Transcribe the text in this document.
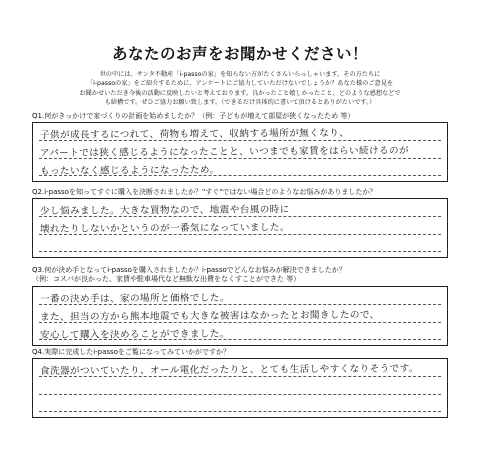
あなたのお声をお聞かせください！
世の中には、サンタ不動産「i-passoの家」を知らない方がたくさんいらっしゃいます。その方たちに
「i-passoの家」をご紹介するために、アンケートにご協力していただけないでしょうか？あなた様のご意見を
お聞かせいただき今後の活動に反映したいと考えております。良かったこと嬉しかったこと、どのような感想などで
も結構です。ぜひご協力お願い致します。（できるだけ具体的に書いて頂けるとありがたいです。）
Q1.何がきっかけで家づくりの計画を始めましたか？（例：子どもが増えて部屋が狭くなったため 等）
子供が成長するにつれて、荷物も増えて、収納する場所が無くなり、
アパートでは狭く感じるようになったことと、いつまでも家賃をはらい続けるのが
もったいなく感じるようになったため。
Q2.i-passoを知ってすぐに購入を決断されましたか？"すぐ"ではない場合どのようなお悩みがありましたか？
少し悩みました。大きな買物なので、地震や台風の時に
壊れたりしないかというのが一番気になっていました。
Q3.何が決め手となってi-passoを購入されましたか？i-passoでどんなお悩みが解決できましたか？
（例：コスパが良かった、家賃や駐車場代など無駄な出費をなくすことができた 等）
一番の決め手は、家の場所と価格でした。
また、担当の方から熊本地震でも大きな被害はなかったとお聞きしたので、
安心して購入を決めることができました。
Q4.実際に完成したi-passoをご覧になってみていかがですか？
食洗器がついていたり、オール電化だったりと、とても生活しやすくなりそうです。
